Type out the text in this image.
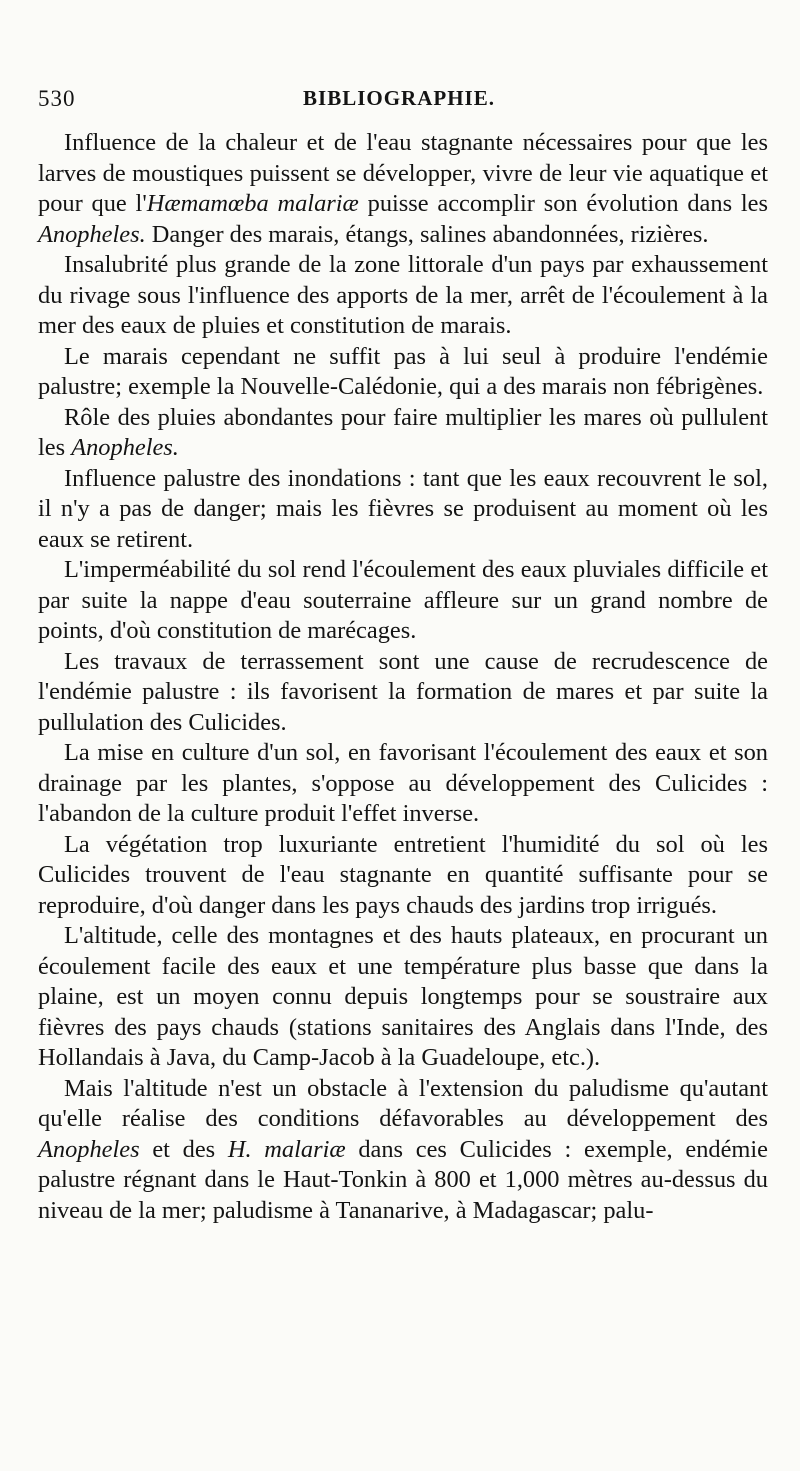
530	BIBLIOGRAPHIE.

Influence de la chaleur et de l'eau stagnante nécessaires pour que les larves de moustiques puissent se développer, vivre de leur vie aquatique et pour que l'Hæmamœba malariæ puisse accomplir son évolution dans les Anopheles. Danger des marais, étangs, salines abandonnées, rizières.

Insalubrité plus grande de la zone littorale d'un pays par exhaussement du rivage sous l'influence des apports de la mer, arrêt de l'écoulement à la mer des eaux de pluies et constitution de marais.

Le marais cependant ne suffit pas à lui seul à produire l'endémie palustre; exemple la Nouvelle-Calédonie, qui a des marais non fébrigènes.

Rôle des pluies abondantes pour faire multiplier les mares où pullulent les Anopheles.

Influence palustre des inondations : tant que les eaux recouvrent le sol, il n'y a pas de danger; mais les fièvres se produisent au moment où les eaux se retirent.

L'imperméabilité du sol rend l'écoulement des eaux pluviales difficile et par suite la nappe d'eau souterraine affleure sur un grand nombre de points, d'où constitution de marécages.

Les travaux de terrassement sont une cause de recrudescence de l'endémie palustre : ils favorisent la formation de mares et par suite la pullulation des Culicides.

La mise en culture d'un sol, en favorisant l'écoulement des eaux et son drainage par les plantes, s'oppose au développement des Culicides : l'abandon de la culture produit l'effet inverse.

La végétation trop luxuriante entretient l'humidité du sol où les Culicides trouvent de l'eau stagnante en quantité suffisante pour se reproduire, d'où danger dans les pays chauds des jardins trop irrigués.

L'altitude, celle des montagnes et des hauts plateaux, en procurant un écoulement facile des eaux et une température plus basse que dans la plaine, est un moyen connu depuis longtemps pour se soustraire aux fièvres des pays chauds (stations sanitaires des Anglais dans l'Inde, des Hollandais à Java, du Camp-Jacob à la Guadeloupe, etc.).

Mais l'altitude n'est un obstacle à l'extension du paludisme qu'autant qu'elle réalise des conditions défavorables au développement des Anopheles et des H. malariæ dans ces Culicides : exemple, endémie palustre régnant dans le Haut-Tonkin à 800 et 1,000 mètres au-dessus du niveau de la mer; paludisme à Tananarive, à Madagascar; palu-
